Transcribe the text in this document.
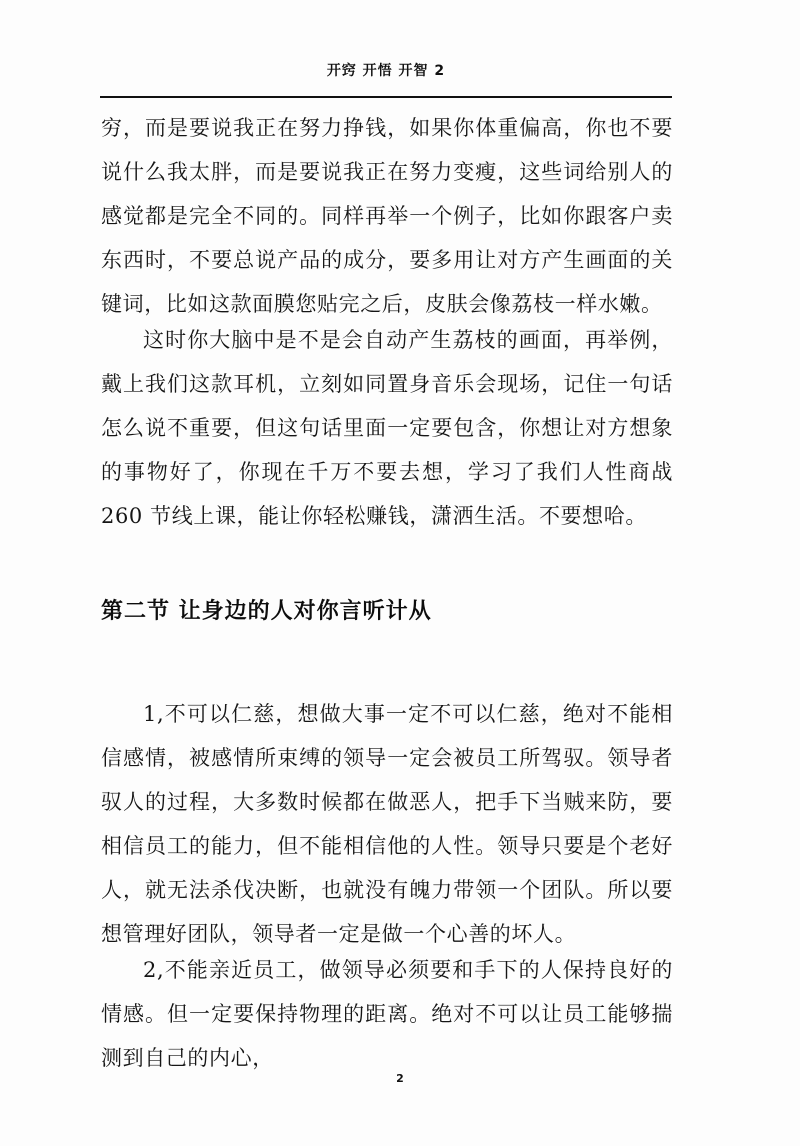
开窍 开悟 开智 2

穷，而是要说我正在努力挣钱，如果你体重偏高，你也不要说什么我太胖，而是要说我正在努力变瘦，这些词给别人的感觉都是完全不同的。同样再举一个例子，比如你跟客户卖东西时，不要总说产品的成分，要多用让对方产生画面的关键词，比如这款面膜您贴完之后，皮肤会像荔枝一样水嫩。

这时你大脑中是不是会自动产生荔枝的画面，再举例，戴上我们这款耳机，立刻如同置身音乐会现场，记住一句话怎么说不重要，但这句话里面一定要包含，你想让对方想象的事物好了，你现在千万不要去想，学习了我们人性商战 260 节线上课，能让你轻松赚钱，潇洒生活。不要想哈。

第二节 让身边的人对你言听计从

1,不可以仁慈，想做大事一定不可以仁慈，绝对不能相信感情，被感情所束缚的领导一定会被员工所驾驭。领导者驭人的过程，大多数时候都在做恶人，把手下当贼来防，要相信员工的能力，但不能相信他的人性。领导只要是个老好人，就无法杀伐决断，也就没有魄力带领一个团队。所以要想管理好团队，领导者一定是做一个心善的坏人。

2,不能亲近员工，做领导必须要和手下的人保持良好的情感。但一定要保持物理的距离。绝对不可以让员工能够揣测到自己的内心，

2
